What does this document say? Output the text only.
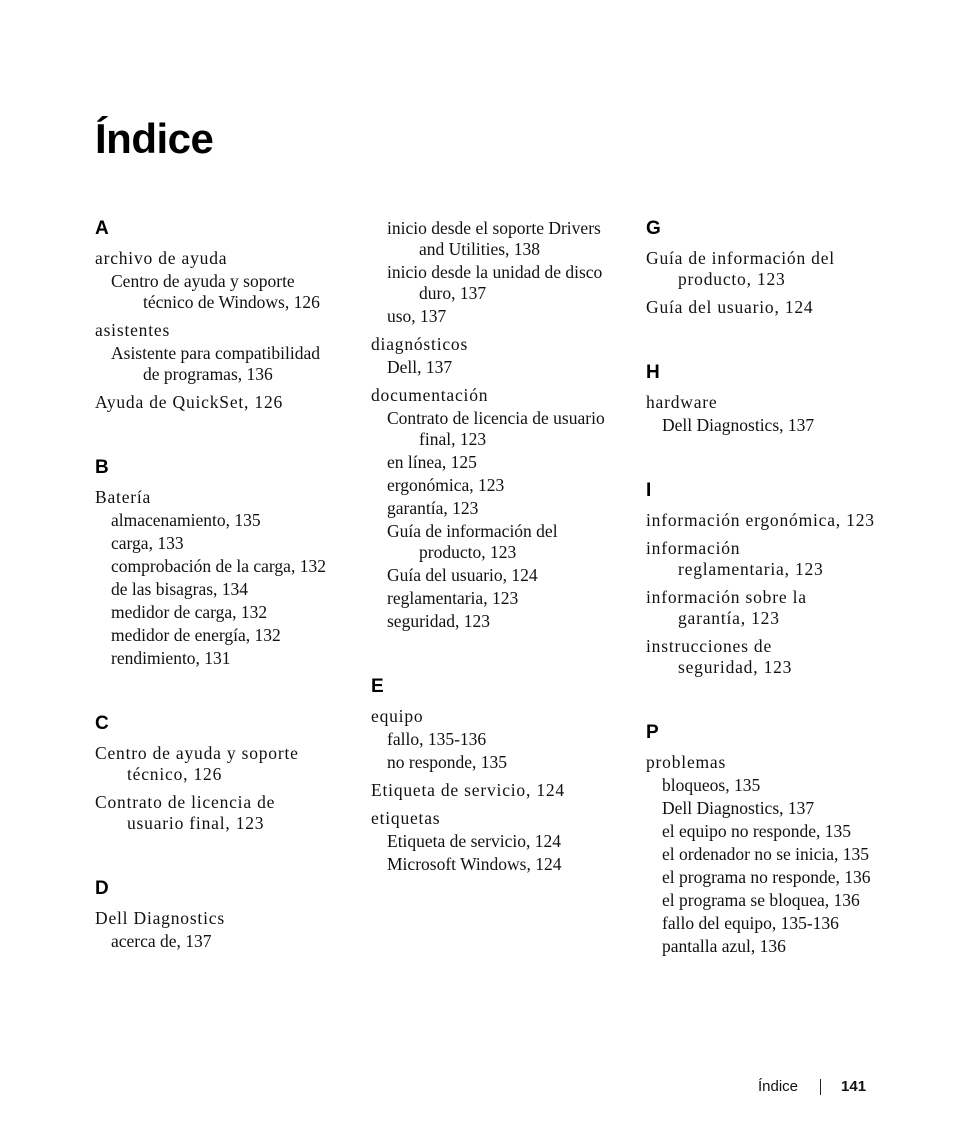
Índice
A
archivo de ayuda
Centro de ayuda y soporte
técnico de Windows, 126
asistentes
Asistente para compatibilidad
de programas, 136
Ayuda de QuickSet, 126
B
Batería
almacenamiento, 135
carga, 133
comprobación de la carga, 132
de las bisagras, 134
medidor de carga, 132
medidor de energía, 132
rendimiento, 131
C
Centro de ayuda y soporte
técnico, 126
Contrato de licencia de
usuario final, 123
D
Dell Diagnostics
acerca de, 137
inicio desde el soporte Drivers
and Utilities, 138
inicio desde la unidad de disco
duro, 137
uso, 137
diagnósticos
Dell, 137
documentación
Contrato de licencia de usuario
final, 123
en línea, 125
ergonómica, 123
garantía, 123
Guía de información del
producto, 123
Guía del usuario, 124
reglamentaria, 123
seguridad, 123
E
equipo
fallo, 135-136
no responde, 135
Etiqueta de servicio, 124
etiquetas
Etiqueta de servicio, 124
Microsoft Windows, 124
G
Guía de información del
producto, 123
Guía del usuario, 124
H
hardware
Dell Diagnostics, 137
I
información ergonómica, 123
información
reglamentaria, 123
información sobre la
garantía, 123
instrucciones de
seguridad, 123
P
problemas
bloqueos, 135
Dell Diagnostics, 137
el equipo no responde, 135
el ordenador no se inicia, 135
el programa no responde, 136
el programa se bloquea, 136
fallo del equipo, 135-136
pantalla azul, 136
Índice	141
